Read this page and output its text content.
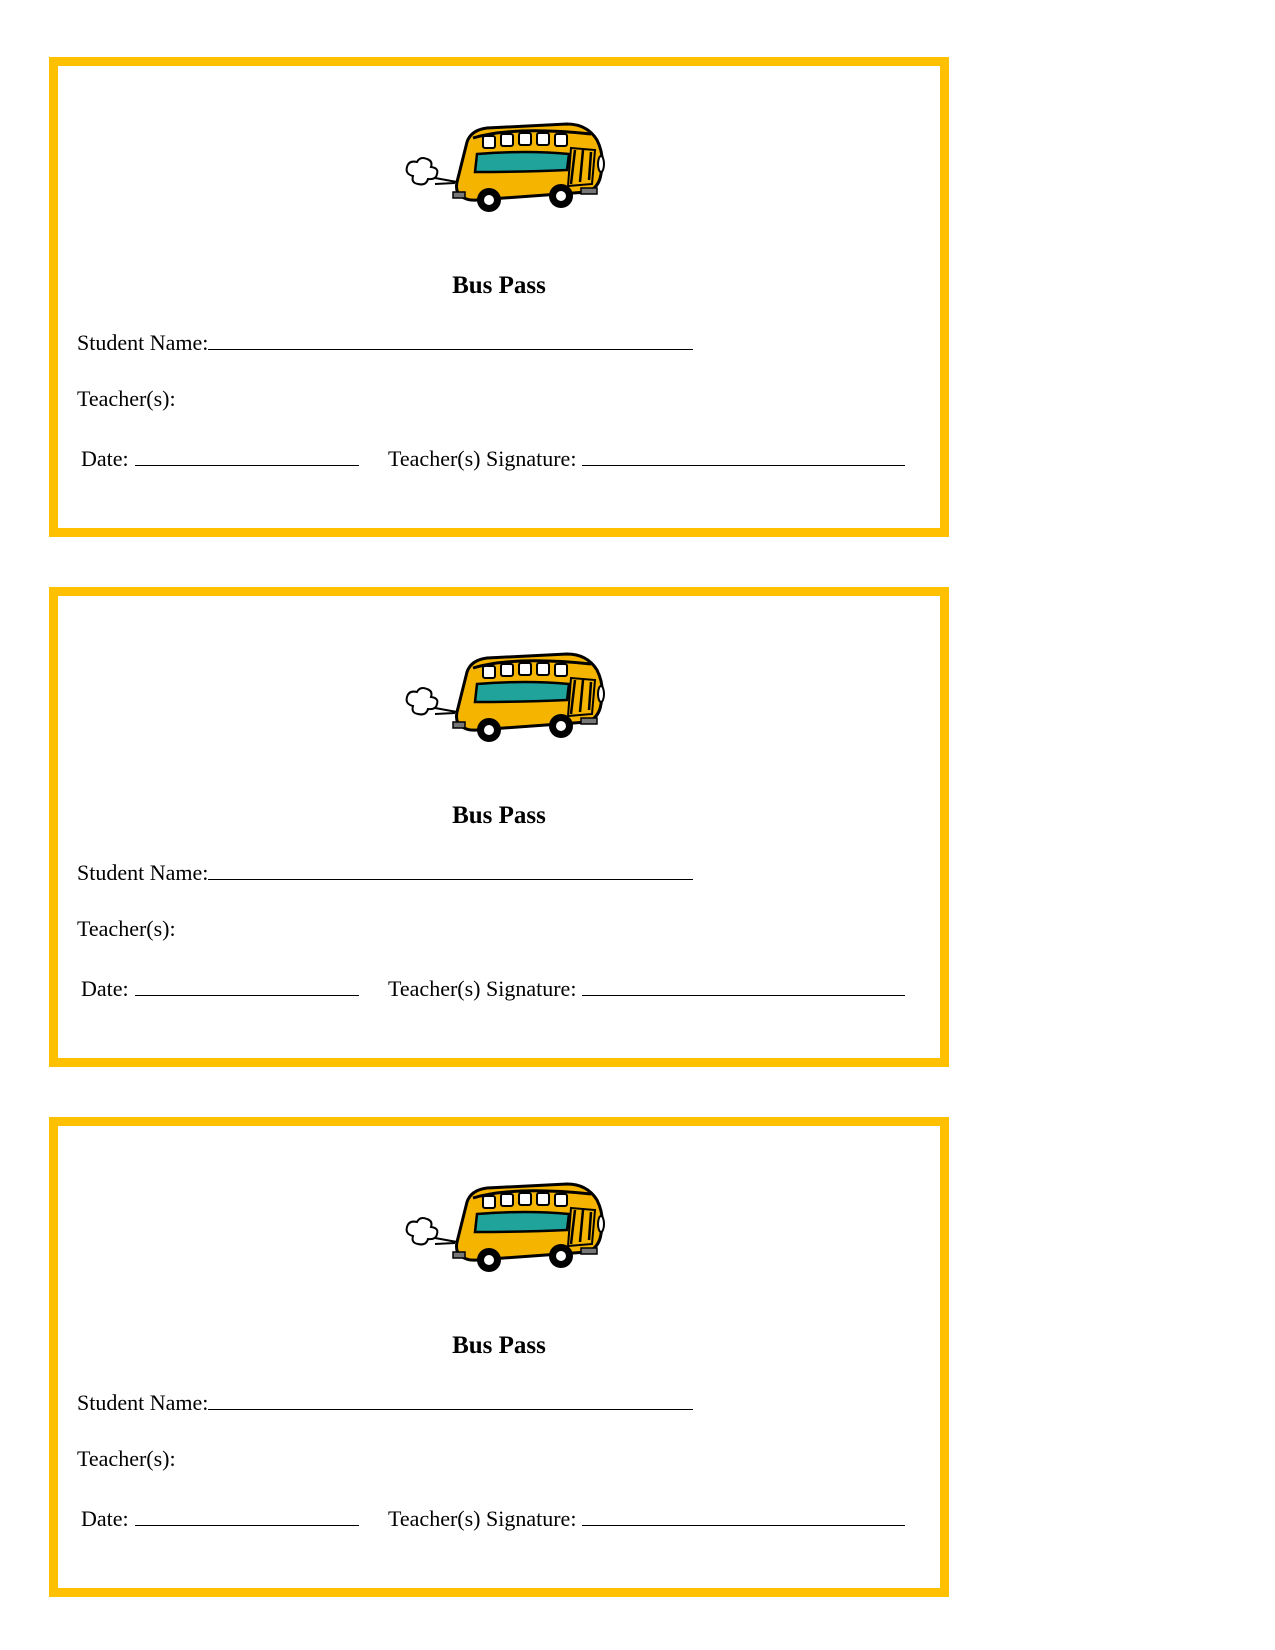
Bus Pass
Student Name:
Teacher(s):
Date:	Teacher(s) Signature:
Bus Pass
Student Name:
Teacher(s):
Date:	Teacher(s) Signature:
Bus Pass
Student Name:
Teacher(s):
Date:	Teacher(s) Signature:
